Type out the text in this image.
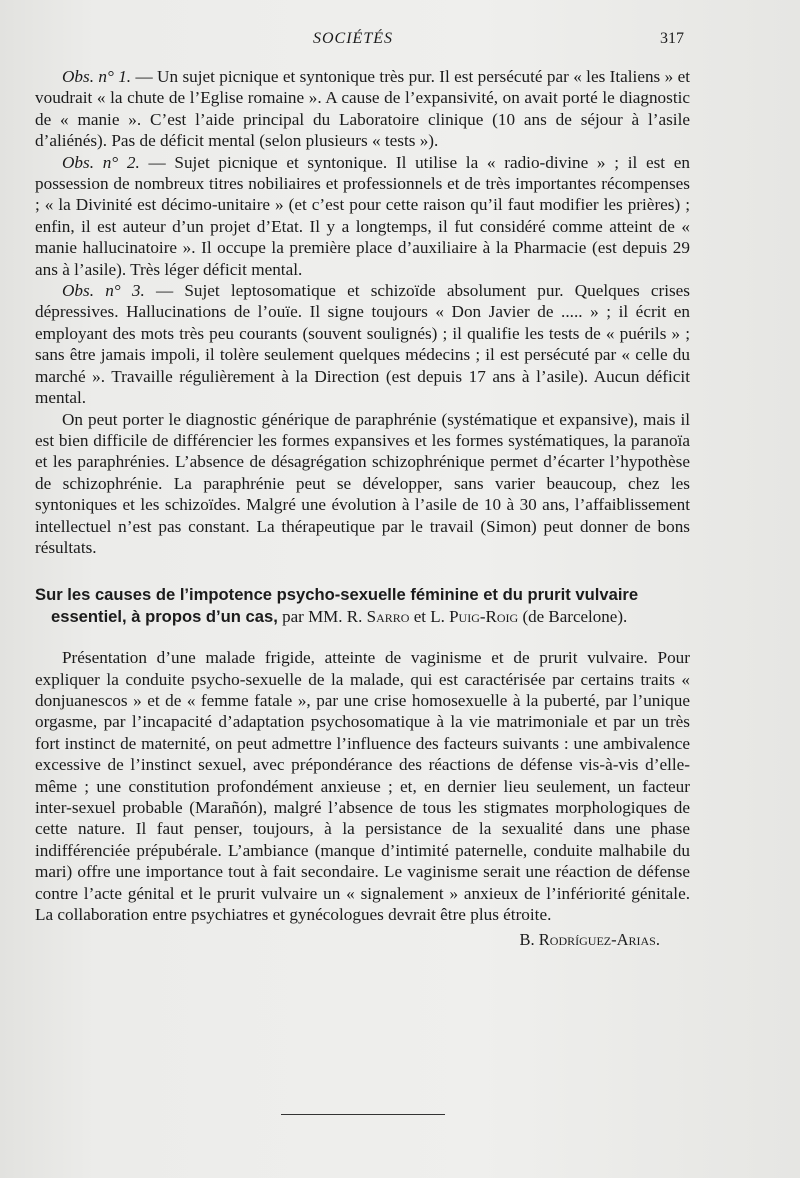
SOCIÉTÉS	317

Obs. n° 1. — Un sujet picnique et syntonique très pur. Il est persécuté par « les Italiens » et voudrait « la chute de l’Eglise romaine ». A cause de l’expansivité, on avait porté le diagnostic de « manie ». C’est l’aide principal du Laboratoire clinique (10 ans de séjour à l’asile d’aliénés). Pas de déficit mental (selon plusieurs « tests »).

Obs. n° 2. — Sujet picnique et syntonique. Il utilise la « radio-divine » ; il est en possession de nombreux titres nobiliaires et professionnels et de très importantes récompenses ; « la Divinité est décimo-unitaire » (et c’est pour cette raison qu’il faut modifier les prières) ; enfin, il est auteur d’un projet d’Etat. Il y a longtemps, il fut considéré comme atteint de « manie hallucinatoire ». Il occupe la première place d’auxiliaire à la Pharmacie (est depuis 29 ans à l’asile). Très léger déficit mental.

Obs. n° 3. — Sujet leptosomatique et schizoïde absolument pur. Quelques crises dépressives. Hallucinations de l’ouïe. Il signe toujours « Don Javier de ..... » ; il écrit en employant des mots très peu courants (souvent soulignés) ; il qualifie les tests de « puérils » ; sans être jamais impoli, il tolère seulement quelques médecins ; il est persécuté par « celle du marché ». Travaille régulièrement à la Direction (est depuis 17 ans à l’asile). Aucun déficit mental.

On peut porter le diagnostic générique de paraphrénie (systématique et expansive), mais il est bien difficile de différencier les formes expansives et les formes systématiques, la paranoïa et les paraphrénies. L’absence de désagrégation schizophrénique permet d’écarter l’hypothèse de schizophrénie. La paraphrénie peut se développer, sans varier beaucoup, chez les syntoniques et les schizoïdes. Malgré une évolution à l’asile de 10 à 30 ans, l’affaiblissement intellectuel n’est pas constant. La thérapeutique par le travail (Simon) peut donner de bons résultats.

Sur les causes de l’impotence psycho-sexuelle féminine et du prurit vulvaire essentiel, à propos d’un cas, par MM. R. Sarro et L. Puig-Roig (de Barcelone).

Présentation d’une malade frigide, atteinte de vaginisme et de prurit vulvaire. Pour expliquer la conduite psycho-sexuelle de la malade, qui est caractérisée par certains traits « donjuanescos » et de « femme fatale », par une crise homosexuelle à la puberté, par l’unique orgasme, par l’incapacité d’adaptation psychosomatique à la vie matrimoniale et par un très fort instinct de maternité, on peut admettre l’influence des facteurs suivants : une ambivalence excessive de l’instinct sexuel, avec prépondérance des réactions de défense vis-à-vis d’elle-même ; une constitution profondément anxieuse ; et, en dernier lieu seulement, un facteur inter-sexuel probable (Marañón), malgré l’absence de tous les stigmates morphologiques de cette nature. Il faut penser, toujours, à la persistance de la sexualité dans une phase indifférenciée prépubérale. L’ambiance (manque d’intimité paternelle, conduite malhabile du mari) offre une importance tout à fait secondaire. Le vaginisme serait une réaction de défense contre l’acte génital et le prurit vulvaire un « signalement » anxieux de l’infériorité génitale. La collaboration entre psychiatres et gynécologues devrait être plus étroite.

B. Rodríguez-Arias.
